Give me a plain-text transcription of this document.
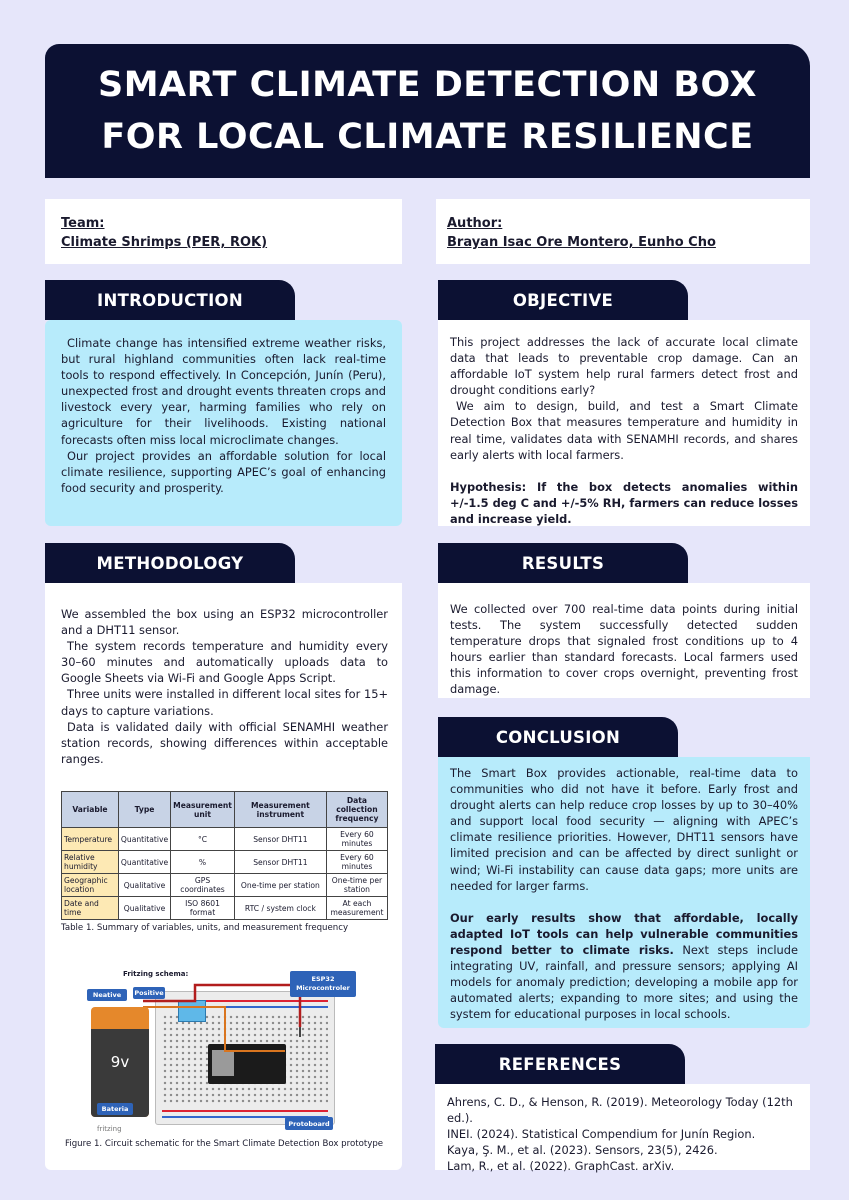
SMART CLIMATE DETECTION BOX
FOR LOCAL CLIMATE RESILIENCE
Team:
Climate Shrimps (PER, ROK)
Author:
Brayan Isac Ore Montero, Eunho Cho
INTRODUCTION

Climate change has intensified extreme weather risks, but rural highland communities often lack real-time tools to respond effectively. In Concepción, Junín (Peru), unexpected frost and drought events threaten crops and livestock every year, harming families who rely on agriculture for their livelihoods. Existing national forecasts often miss local microclimate changes.

Our project provides an affordable solution for local climate resilience, supporting APEC’s goal of enhancing food security and prosperity.

OBJECTIVE

This project addresses the lack of accurate local climate data that leads to preventable crop damage. Can an affordable IoT system help rural farmers detect frost and drought conditions early?

We aim to design, build, and test a Smart Climate Detection Box that measures temperature and humidity in real time, validates data with SENAMHI records, and shares early alerts with local farmers.

Hypothesis: If the box detects anomalies within +/-1.5 deg C and +/-5% RH, farmers can reduce losses and increase yield.

METHODOLOGY

We assembled the box using an ESP32 microcontroller and a DHT11 sensor.

The system records temperature and humidity every 30–60 minutes and automatically uploads data to Google Sheets via Wi-Fi and Google Apps Script.

Three units were installed in different local sites for 15+ days to capture variations.

Data is validated daily with official SENAMHI weather station records, showing differences within acceptable ranges.

Variable	Type	Measurement unit	Measurement instrument	Data collection frequency
Temperature	Quantitative	°C	Sensor DHT11	Every 60 minutes
Relative humidity	Quantitative	%	Sensor DHT11	Every 60 minutes
Geographic location	Qualitative	GPS coordinates	One-time per station	One-time per station
Date and time	Qualitative	ISO 8601 format	RTC / system clock	At each measurement
Table 1. Summary of variables, units, and measurement frequency
Fritzing schema:
9v
Neative	Positive
ESP32 Microcontroler
Bateria
Protoboard
fritzing
Figure 1. Circuit schematic for the Smart Climate Detection Box prototype
RESULTS

We collected over 700 real-time data points during initial tests. The system successfully detected sudden temperature drops that signaled frost conditions up to 4 hours earlier than standard forecasts. Local farmers used this information to cover crops overnight, preventing frost damage.

CONCLUSION

The Smart Box provides actionable, real-time data to communities who did not have it before. Early frost and drought alerts can help reduce crop losses by up to 30–40% and support local food security — aligning with APEC’s climate resilience priorities. However, DHT11 sensors have limited precision and can be affected by direct sunlight or wind; Wi-Fi instability can cause data gaps; more units are needed for larger farms.

Our early results show that affordable, locally adapted IoT tools can help vulnerable communities respond better to climate risks. Next steps include integrating UV, rainfall, and pressure sensors; applying AI models for anomaly prediction; developing a mobile app for automated alerts; expanding to more sites; and using the system for educational purposes in local schools.

REFERENCES

Ahrens, C. D., & Henson, R. (2019). Meteorology Today (12th ed.).

INEI. (2024). Statistical Compendium for Junín Region.

Kaya, Ş. M., et al. (2023). Sensors, 23(5), 2426.

Lam, R., et al. (2022). GraphCast. arXiv.
